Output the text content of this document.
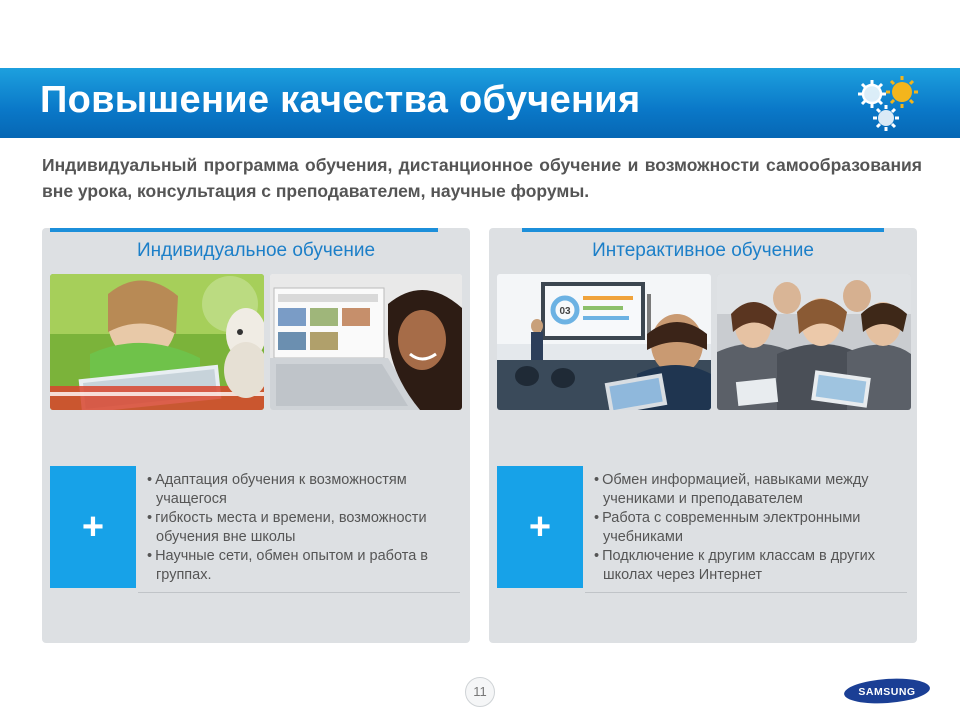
Повышение качества обучения
Индивидуальный программа обучения, дистанционное обучение и возможности самообразования вне урока, консультация с преподавателем, научные форумы.
Индивидуальное обучение
+
• Адаптация обучения к возможностям учащегося
• гибкость места и времени, возможности обучения вне школы
• Научные сети, обмен опытом и работа в группах.
Интерактивное обучение
03
+
• Обмен информацией, навыками между учениками и преподавателем
• Работа с современным электронными учебниками
• Подключение к другим классам в других школах через Интернет
11	SAMSUNG
